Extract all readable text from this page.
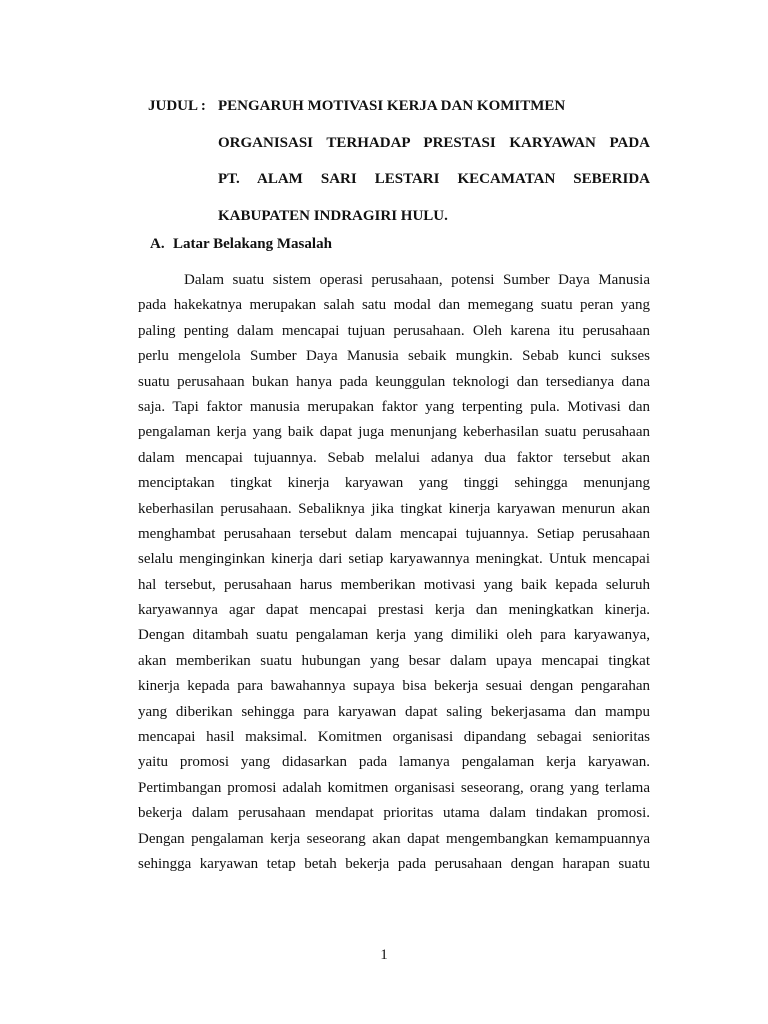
JUDUL : PENGARUH MOTIVASI KERJA DAN KOMITMEN
ORGANISASI TERHADAP PRESTASI KARYAWAN PADA
PT. ALAM SARI LESTARI KECAMATAN SEBERIDA
KABUPATEN INDRAGIRI HULU.
A. Latar Belakang Masalah
Dalam suatu sistem operasi perusahaan, potensi Sumber Daya Manusia
pada hakekatnya merupakan salah satu modal dan memegang suatu peran yang
paling penting dalam mencapai tujuan perusahaan. Oleh karena itu perusahaan
perlu mengelola Sumber Daya Manusia sebaik mungkin. Sebab kunci sukses
suatu perusahaan bukan hanya pada keunggulan teknologi dan tersedianya dana
saja. Tapi faktor manusia merupakan faktor yang terpenting pula. Motivasi dan
pengalaman kerja yang baik dapat juga menunjang keberhasilan suatu perusahaan
dalam mencapai tujuannya. Sebab melalui adanya dua faktor tersebut akan
menciptakan tingkat kinerja karyawan yang tinggi sehingga menunjang
keberhasilan perusahaan. Sebaliknya jika tingkat kinerja karyawan menurun akan
menghambat perusahaan tersebut dalam mencapai tujuannya. Setiap perusahaan
selalu menginginkan kinerja dari setiap karyawannya meningkat. Untuk mencapai
hal tersebut, perusahaan harus memberikan motivasi yang baik kepada seluruh
karyawannya agar dapat mencapai prestasi kerja dan meningkatkan kinerja.
Dengan ditambah suatu pengalaman kerja yang dimiliki oleh para karyawanya,
akan memberikan suatu hubungan yang besar dalam upaya mencapai tingkat
kinerja kepada para bawahannya supaya bisa bekerja sesuai dengan pengarahan
yang diberikan sehingga para karyawan dapat saling bekerjasama dan mampu
mencapai hasil maksimal. Komitmen organisasi dipandang sebagai senioritas
yaitu promosi yang didasarkan pada lamanya pengalaman kerja karyawan.
Pertimbangan promosi adalah komitmen organisasi seseorang, orang yang terlama
bekerja dalam perusahaan mendapat prioritas utama dalam tindakan promosi.
Dengan pengalaman kerja seseorang akan dapat mengembangkan kemampuannya
sehingga karyawan tetap betah bekerja pada perusahaan dengan harapan suatu
1
